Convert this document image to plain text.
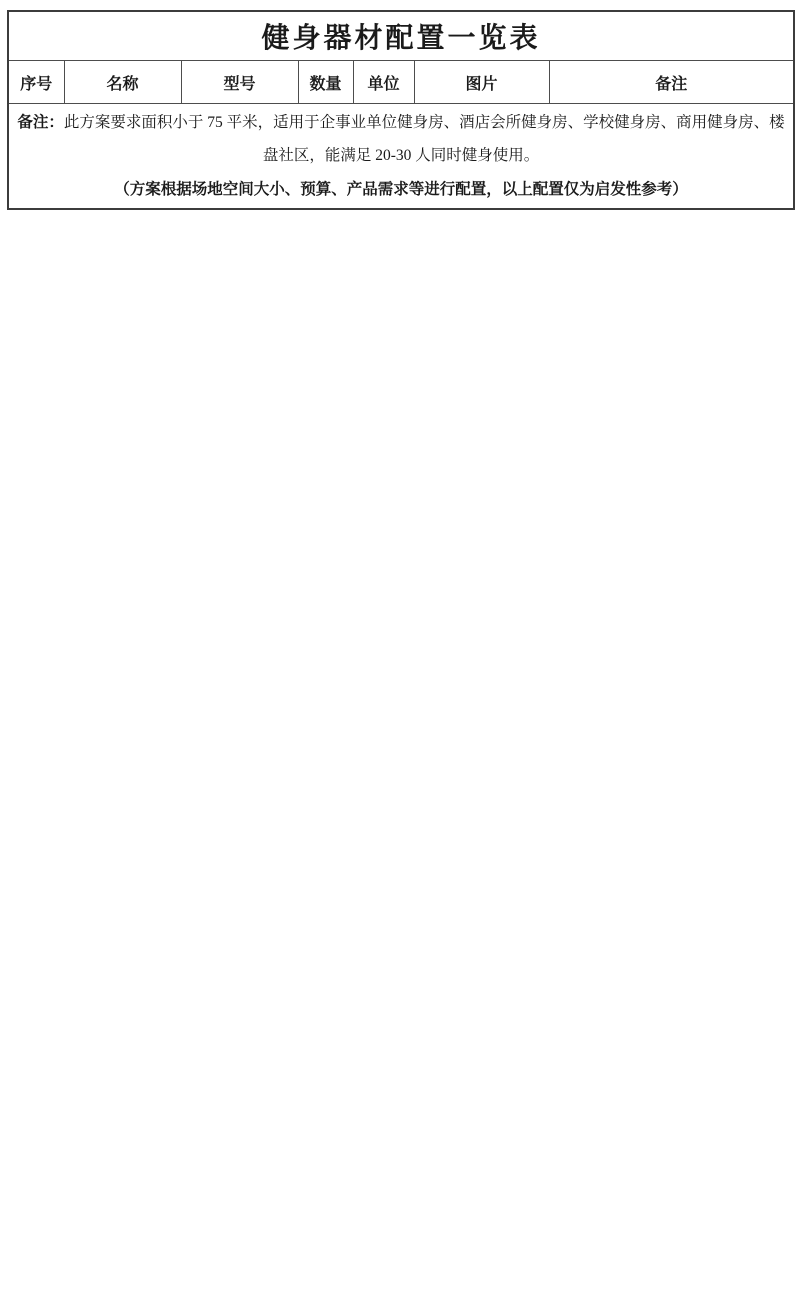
健身器材配置一览表
序号	名称	型号	数量	单位	图片	备注

备注：此方案要求面积小于 75 平米，适用于企事业单位健身房、酒店会所健身房、学校健身房、商用健身房、楼盘社区，能满足 20-30 人同时健身使用。

（方案根据场地空间大小、预算、产品需求等进行配置，以上配置仅为启发性参考）
